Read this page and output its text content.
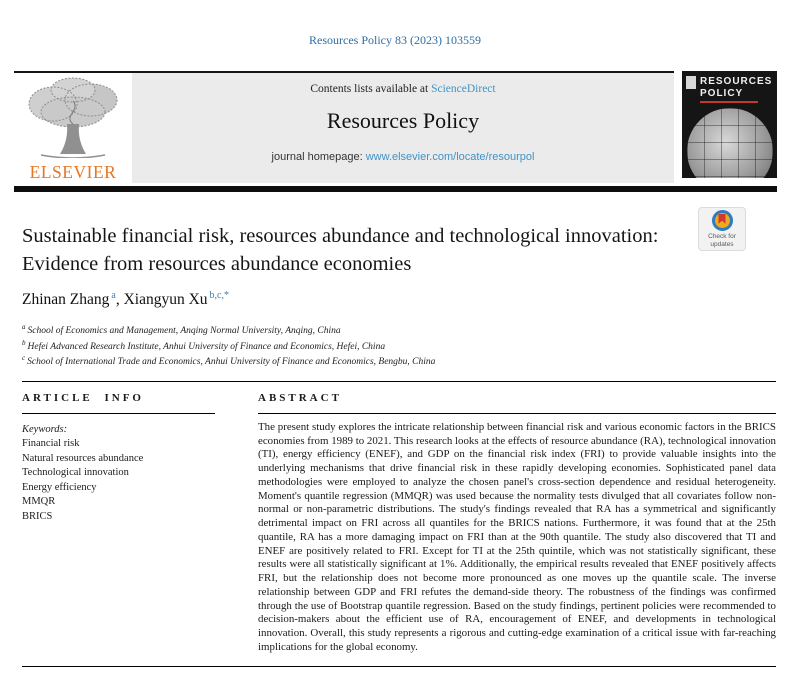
Resources Policy 83 (2023) 103559
ELSEVIER
Contents lists available at ScienceDirect
Resources Policy
journal homepage: www.elsevier.com/locate/resourpol
RESOURCES
POLICY
Check for
updates
Sustainable financial risk, resources abundance and technological innovation: Evidence from resources abundance economies
Zhinan Zhang $^a$, Xiangyun Xu $^{b,c,*}$
$^a$ School of Economics and Management, Anqing Normal University, Anqing, China
$^b$ Hefei Advanced Research Institute, Anhui University of Finance and Economics, Hefei, China
$^c$ School of International Trade and Economics, Anhui University of Finance and Economics, Bengbu, China
ARTICLE INFO
Keywords:
Financial risk
Natural resources abundance
Technological innovation
Energy efficiency
MMQR
BRICS
ABSTRACT

The present study explores the intricate relationship between financial risk and various economic factors in the BRICS economies from 1989 to 2021. This research looks at the effects of resource abundance (RA), technological innovation (TI), energy efficiency (ENEF), and GDP on the financial risk index (FRI) to provide valuable insights into the underlying mechanisms that drive financial risk in these rapidly developing economies. Sophisticated panel data methodologies were employed to analyze the chosen panel's cross-section dependence and residual heterogeneity. Moment's quantile regression (MMQR) was used because the normality tests divulged that all covariates follow non-normal or non-parametric distributions. The study's findings revealed that RA has a symmetrical and significantly detrimental impact on FRI across all quantiles for the BRICS nations. Furthermore, it was found that at the 25th quantile, RA has a more damaging impact on FRI than at the 90th quantile. The study also discovered that TI and ENEF are positively related to FRI. Except for TI at the 25th quintile, which was not statistically significant, these results were all statistically significant at 1%. Additionally, the empirical results revealed that ENEF positively affects FRI, but the relationship does not become more pronounced as one moves up the quantile scale. The inverse relationship between GDP and FRI refutes the demand-side theory. The robustness of the findings was confirmed through the use of Bootstrap quantile regression. Based on the study findings, pertinent policies were recommended to decision-makers about the efficient use of RA, encouragement of ENEF, and developments in technological innovation. Overall, this study represents a rigorous and cutting-edge examination of a critical issue with far-reaching implications for the global economy.
